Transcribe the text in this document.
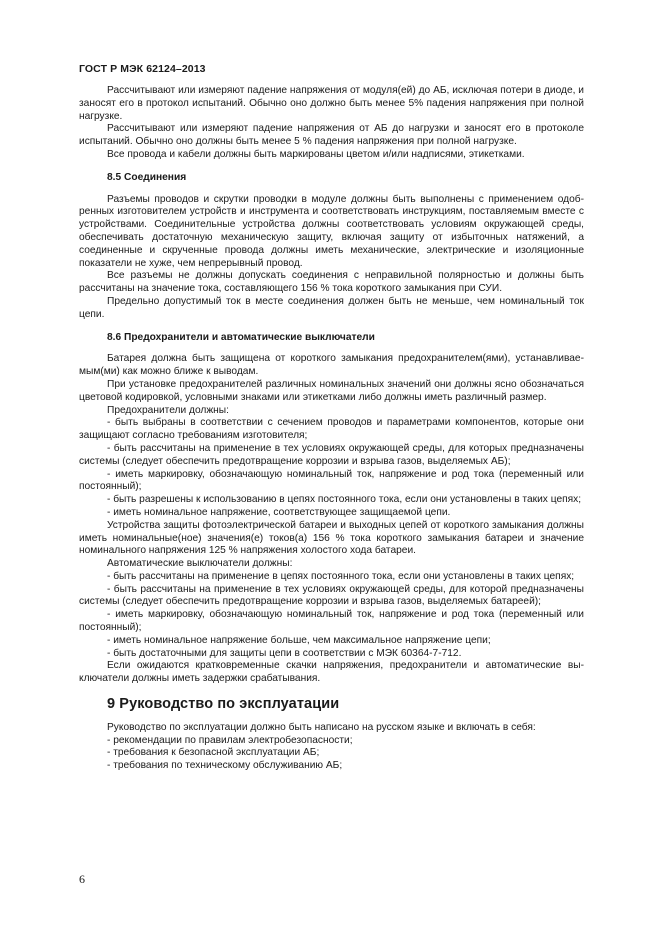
ГОСТ Р МЭК 62124–2013

Рассчитывают или измеряют падение напряжения от модуля(ей) до АБ, исключая потери в диоде, и заносят его в протокол испытаний. Обычно оно должно быть менее 5% падения напряжения при полной нагрузке.

Рассчитывают или измеряют падение напряжения от АБ до нагрузки и заносят его в протоколе испытаний. Обычно оно должны быть менее 5 % падения напряжения при полной нагрузке.

Все провода и кабели должны быть маркированы цветом и/или надписями, этикетками.

8.5 Соединения

Разъемы проводов и скрутки проводки в модуле должны быть выполнены с применением одобренных изготовителем устройств и инструмента и соответствовать инструкциям, поставляемым вместе с устройствами. Соединительные устройства должны соответствовать условиям окружающей среды, обеспечивать достаточную механическую защиту, включая защиту от избыточных натяжений, а соединенные и скрученные провода должны иметь механические, электрические и изоляционные показатели не хуже, чем непрерывный провод.

Все разъемы не должны допускать соединения с неправильной полярностью и должны быть рассчитаны на значение тока, составляющего 156 % тока короткого замыкания при СУИ.

Предельно допустимый ток в месте соединения должен быть не меньше, чем номинальный ток цепи.

8.6 Предохранители и автоматические выключатели

Батарея должна быть защищена от короткого замыкания предохранителем(ями), устанавливаемым(ми) как можно ближе к выводам.

При установке предохранителей различных номинальных значений они должны ясно обозначаться цветовой кодировкой, условными знаками или этикетками либо должны иметь различный размер.

Предохранители должны:

- быть выбраны в соответствии с сечением проводов и параметрами компонентов, которые они защищают согласно требованиям изготовителя;

- быть рассчитаны на применение в тех условиях окружающей среды, для которых предназначены системы (следует обеспечить предотвращение коррозии и взрыва газов, выделяемых АБ);

- иметь маркировку, обозначающую номинальный ток, напряжение и род тока (переменный или постоянный);

- быть разрешены к использованию в цепях постоянного тока, если они установлены в таких цепях;

- иметь номинальное напряжение, соответствующее защищаемой цепи.

Устройства защиты фотоэлектрической батареи и выходных цепей от короткого замыкания должны иметь номинальные(ное) значения(е) токов(а) 156 % тока короткого замыкания батареи и значение номинального напряжения 125 % напряжения холостого хода батареи.

Автоматические выключатели должны:

- быть рассчитаны на применение в цепях постоянного тока, если они установлены в таких цепях;

- быть рассчитаны на применение в тех условиях окружающей среды, для которой предназначены системы (следует обеспечить предотвращение коррозии и взрыва газов, выделяемых батареей);

- иметь маркировку, обозначающую номинальный ток, напряжение и род тока (переменный или постоянный);

- иметь номинальное напряжение больше, чем максимальное напряжение цепи;

- быть достаточными для защиты цепи в соответствии с МЭК 60364-7-712.

Если ожидаются кратковременные скачки напряжения, предохранители и автоматические выключатели должны иметь задержки срабатывания.

9 Руководство по эксплуатации

Руководство по эксплуатации должно быть написано на русском языке и включать в себя:

- рекомендации по правилам электробезопасности;

- требования к безопасной эксплуатации АБ;

- требования по техническому обслуживанию АБ;

6
